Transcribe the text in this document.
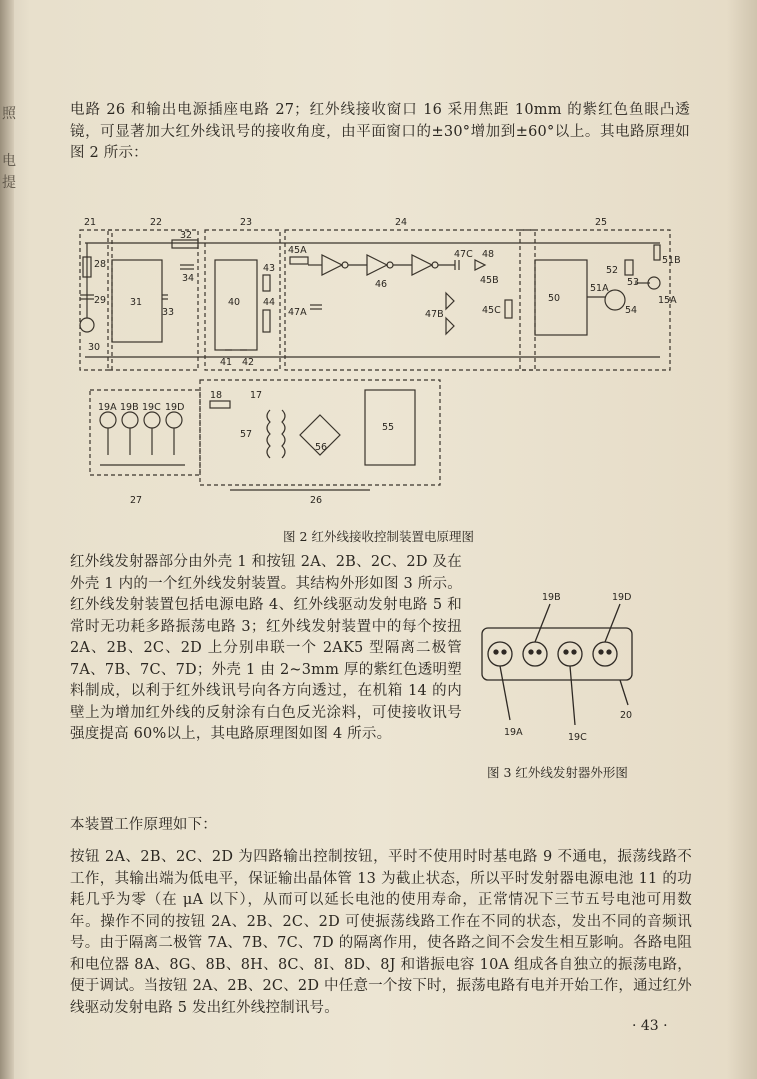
照
电
提
电路 26 和输出电源插座电路 27；红外线接收窗口 16 采用焦距 10mm 的紫红色鱼眼凸透镜，可显著加大红外线讯号的接收角度，由平面窗口的±30°增加到±60°以上。其电路原理如图 2 所示：
21	22	23	24	25
27	26
28
29
30
31
32
33
34
40
41 42
43
44
45A
46
47A	47B
47C 48
45B
45C
50
51A
51B
52
53
54
15A
18	17
57
56
55
19A 19B 19C 19D
图 2 红外线接收控制装置电原理图
红外线发射器部分由外壳 1 和按钮 2A、2B、2C、2D 及在外壳 1 内的一个红外线发射装置。其结构外形如图 3 所示。红外线发射装置包括电源电路 4、红外线驱动发射电路 5 和常时无功耗多路振荡电路 3；红外线发射装置中的每个按扭 2A、2B、2C、2D 上分别串联一个 2AK5 型隔离二极管 7A、7B、7C、7D；外壳 1 由 2~3mm 厚的紫红色透明塑料制成，以利于红外线讯号向各方向透过，在机箱 14 的内壁上为增加红外线的反射涂有白色反光涂料，可使接收讯号强度提高 60%以上，其电路原理图如图 4 所示。
19B	19D
19A	19C
20
图 3 红外线发射器外形图
本装置工作原理如下：
按钮 2A、2B、2C、2D 为四路输出控制按钮，平时不使用时时基电路 9 不通电，振荡线路不工作，其输出端为低电平，保证输出晶体管 13 为截止状态，所以平时发射器电源电池 11 的功耗几乎为零（在 μA 以下），从而可以延长电池的使用寿命，正常情况下三节五号电池可用数年。操作不同的按钮 2A、2B、2C、2D 可使振荡线路工作在不同的状态，发出不同的音频讯号。由于隔离二极管 7A、7B、7C、7D 的隔离作用，使各路之间不会发生相互影响。各路电阻和电位器 8A、8G、8B、8H、8C、8I、8D、8J 和谐振电容 10A 组成各自独立的振荡电路，便于调试。当按钮 2A、2B、2C、2D 中任意一个按下时，振荡电路有电并开始工作，通过红外线驱动发射电路 5 发出红外线控制讯号。
· 43 ·
